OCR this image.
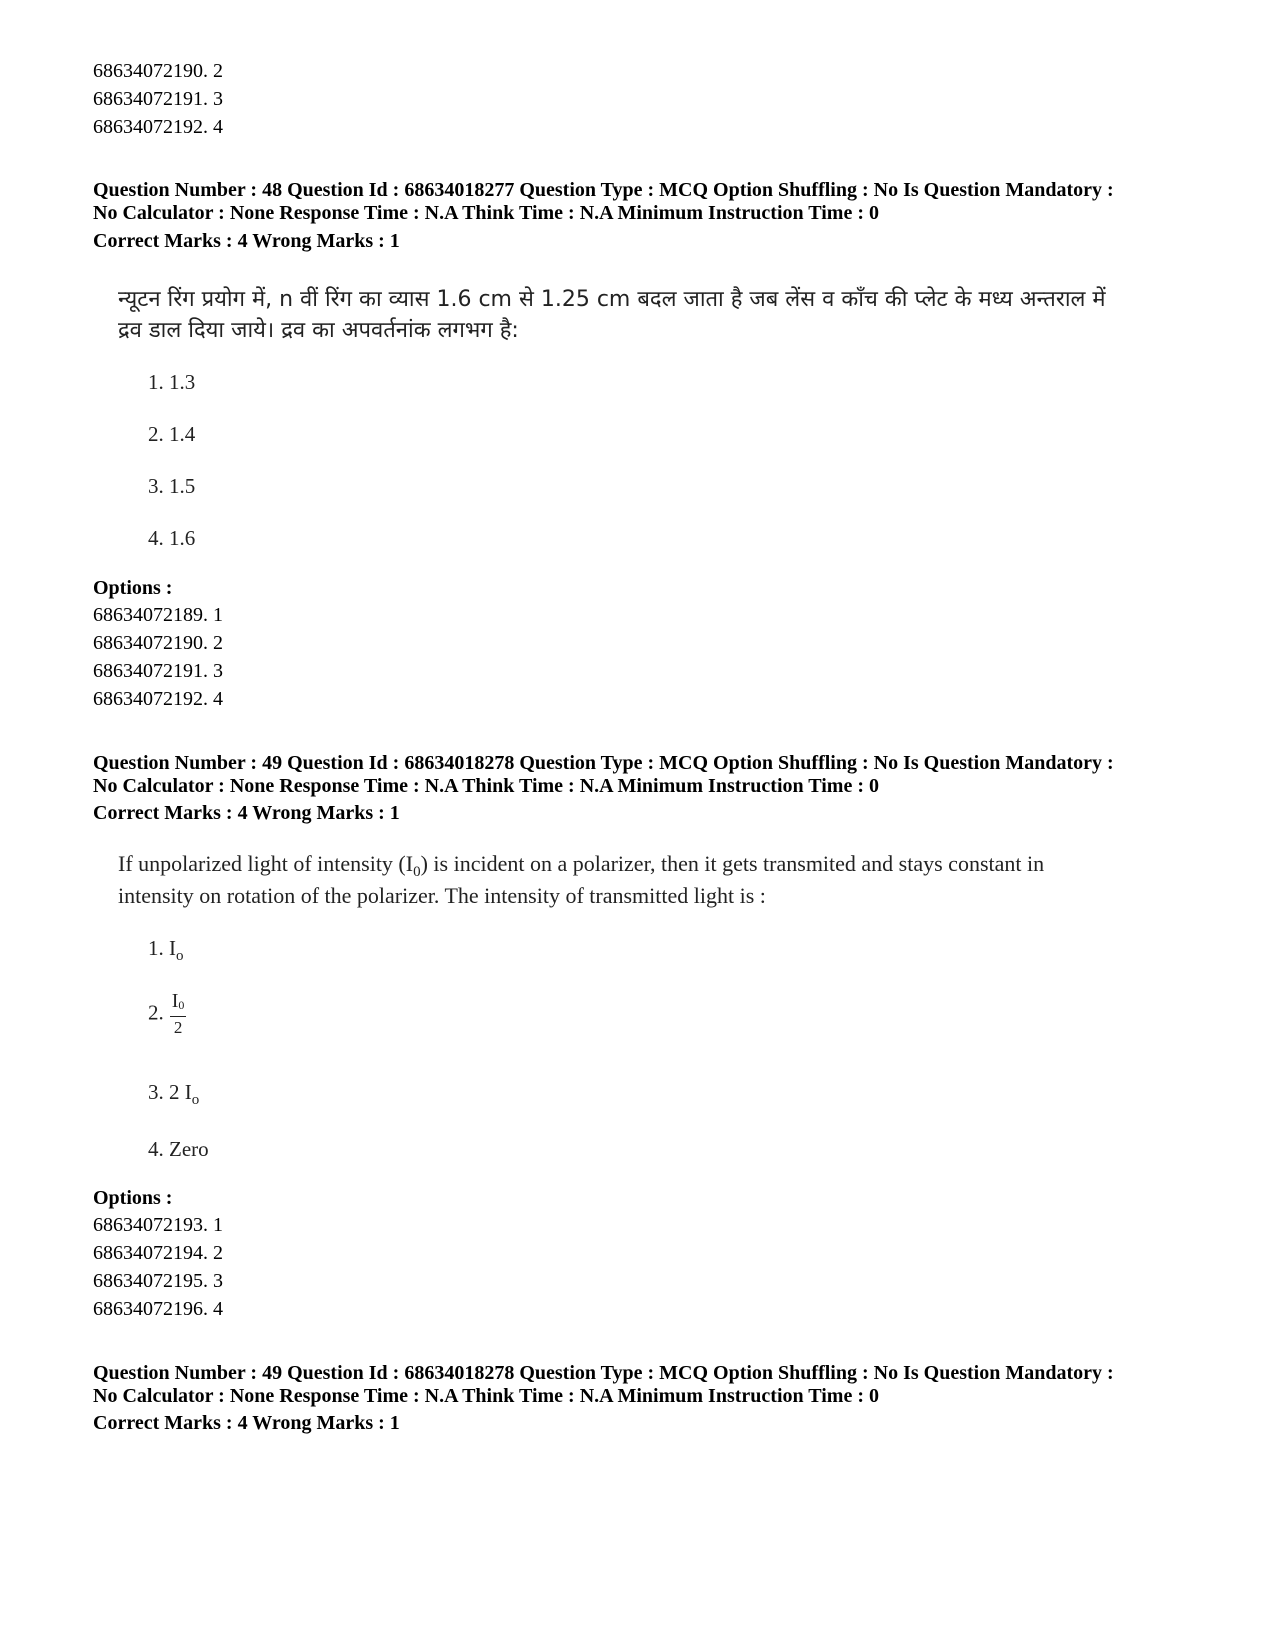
68634072190. 2
68634072191. 3
68634072192. 4
Question Number : 48 Question Id : 68634018277 Question Type : MCQ Option Shuffling : No Is Question Mandatory :
No Calculator : None Response Time : N.A Think Time : N.A Minimum Instruction Time : 0
Correct Marks : 4 Wrong Marks : 1
न्यूटन रिंग प्रयोग में, n वीं रिंग का व्यास 1.6 cm से 1.25 cm बदल जाता है जब लेंस व काँच की प्लेट के मध्य अन्तराल में
द्रव डाल दिया जाये। द्रव का अपवर्तनांक लगभग है:
1. 1.3
2. 1.4
3. 1.5
4. 1.6
Options :
68634072189. 1
68634072190. 2
68634072191. 3
68634072192. 4
Question Number : 49 Question Id : 68634018278 Question Type : MCQ Option Shuffling : No Is Question Mandatory :
No Calculator : None Response Time : N.A Think Time : N.A Minimum Instruction Time : 0
Correct Marks : 4 Wrong Marks : 1
If unpolarized light of intensity $(I_0)$ is incident on a polarizer, then it gets transmited and stays constant in
intensity on rotation of the polarizer. The intensity of transmitted light is :
1. $I_o$
2. $\frac{I0}{2}$
3. 2 $I_o$
4. Zero
Options :
68634072193. 1
68634072194. 2
68634072195. 3
68634072196. 4
Question Number : 49 Question Id : 68634018278 Question Type : MCQ Option Shuffling : No Is Question Mandatory :
No Calculator : None Response Time : N.A Think Time : N.A Minimum Instruction Time : 0
Correct Marks : 4 Wrong Marks : 1
